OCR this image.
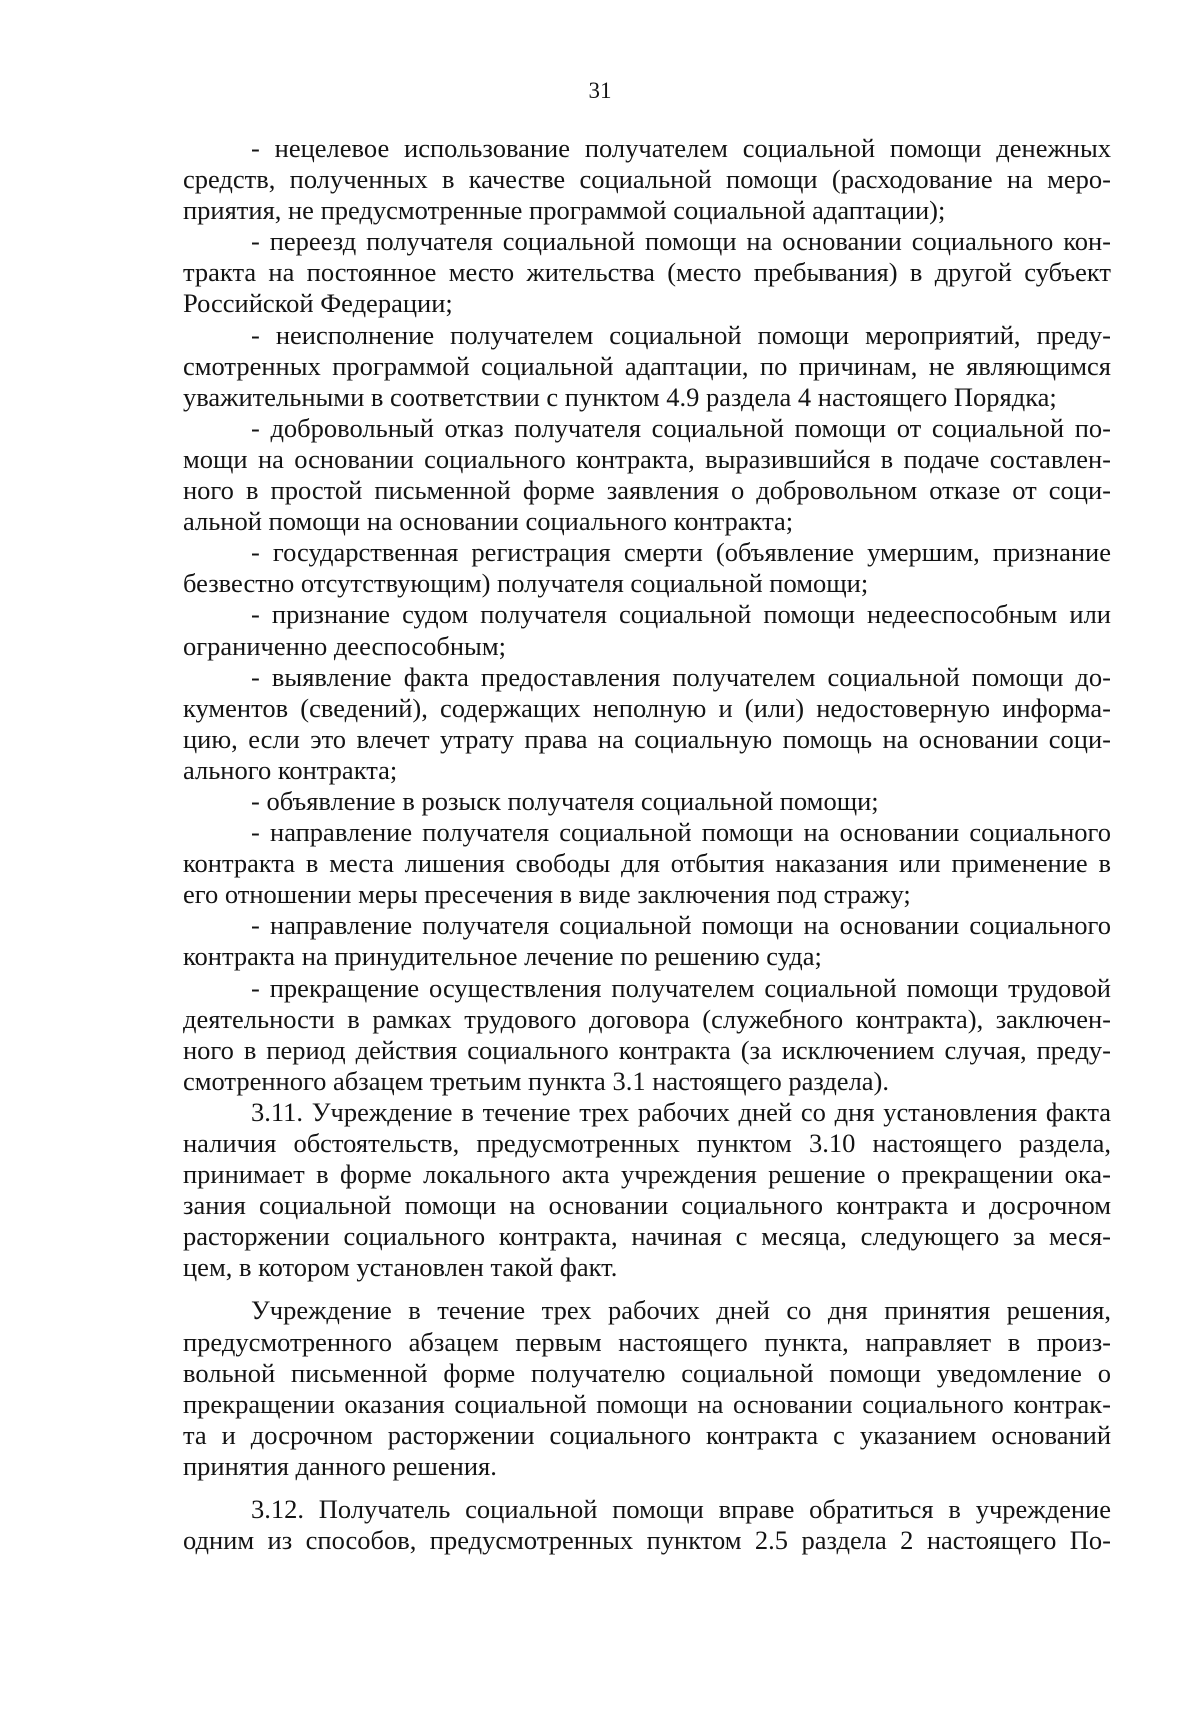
31
- нецелевое использование получателем социальной помощи денежных
средств, полученных в качестве социальной помощи (расходование на меро-
приятия, не предусмотренные программой социальной адаптации);
- переезд получателя социальной помощи на основании социального кон-
тракта на постоянное место жительства (место пребывания) в другой субъект
Российской Федерации;
- неисполнение получателем социальной помощи мероприятий, преду-
смотренных программой социальной адаптации, по причинам, не являющимся
уважительными в соответствии с пунктом 4.9 раздела 4 настоящего Порядка;
- добровольный отказ получателя социальной помощи от социальной по-
мощи на основании социального контракта, выразившийся в подаче составлен-
ного в простой письменной форме заявления о добровольном отказе от соци-
альной помощи на основании социального контракта;
- государственная регистрация смерти (объявление умершим, признание
безвестно отсутствующим) получателя социальной помощи;
- признание судом получателя социальной помощи недееспособным или
ограниченно дееспособным;
- выявление факта предоставления получателем социальной помощи до-
кументов (сведений), содержащих неполную и (или) недостоверную информа-
цию, если это влечет утрату права на социальную помощь на основании соци-
ального контракта;
- объявление в розыск получателя социальной помощи;
- направление получателя социальной помощи на основании социального
контракта в места лишения свободы для отбытия наказания или применение в
его отношении меры пресечения в виде заключения под стражу;
- направление получателя социальной помощи на основании социального
контракта на принудительное лечение по решению суда;
- прекращение осуществления получателем социальной помощи трудовой
деятельности в рамках трудового договора (служебного контракта), заключен-
ного в период действия социального контракта (за исключением случая, преду-
смотренного абзацем третьим пункта 3.1 настоящего раздела).
3.11. Учреждение в течение трех рабочих дней со дня установления факта
наличия обстоятельств, предусмотренных пунктом 3.10 настоящего раздела,
принимает в форме локального акта учреждения решение о прекращении ока-
зания социальной помощи на основании социального контракта и досрочном
расторжении социального контракта, начиная с месяца, следующего за меся-
цем, в котором установлен такой факт.
Учреждение в течение трех рабочих дней со дня принятия решения,
предусмотренного абзацем первым настоящего пункта, направляет в произ-
вольной письменной форме получателю социальной помощи уведомление о
прекращении оказания социальной помощи на основании социального контрак-
та и досрочном расторжении социального контракта с указанием оснований
принятия данного решения.
3.12. Получатель социальной помощи вправе обратиться в учреждение
одним из способов, предусмотренных пунктом 2.5 раздела 2 настоящего По-
